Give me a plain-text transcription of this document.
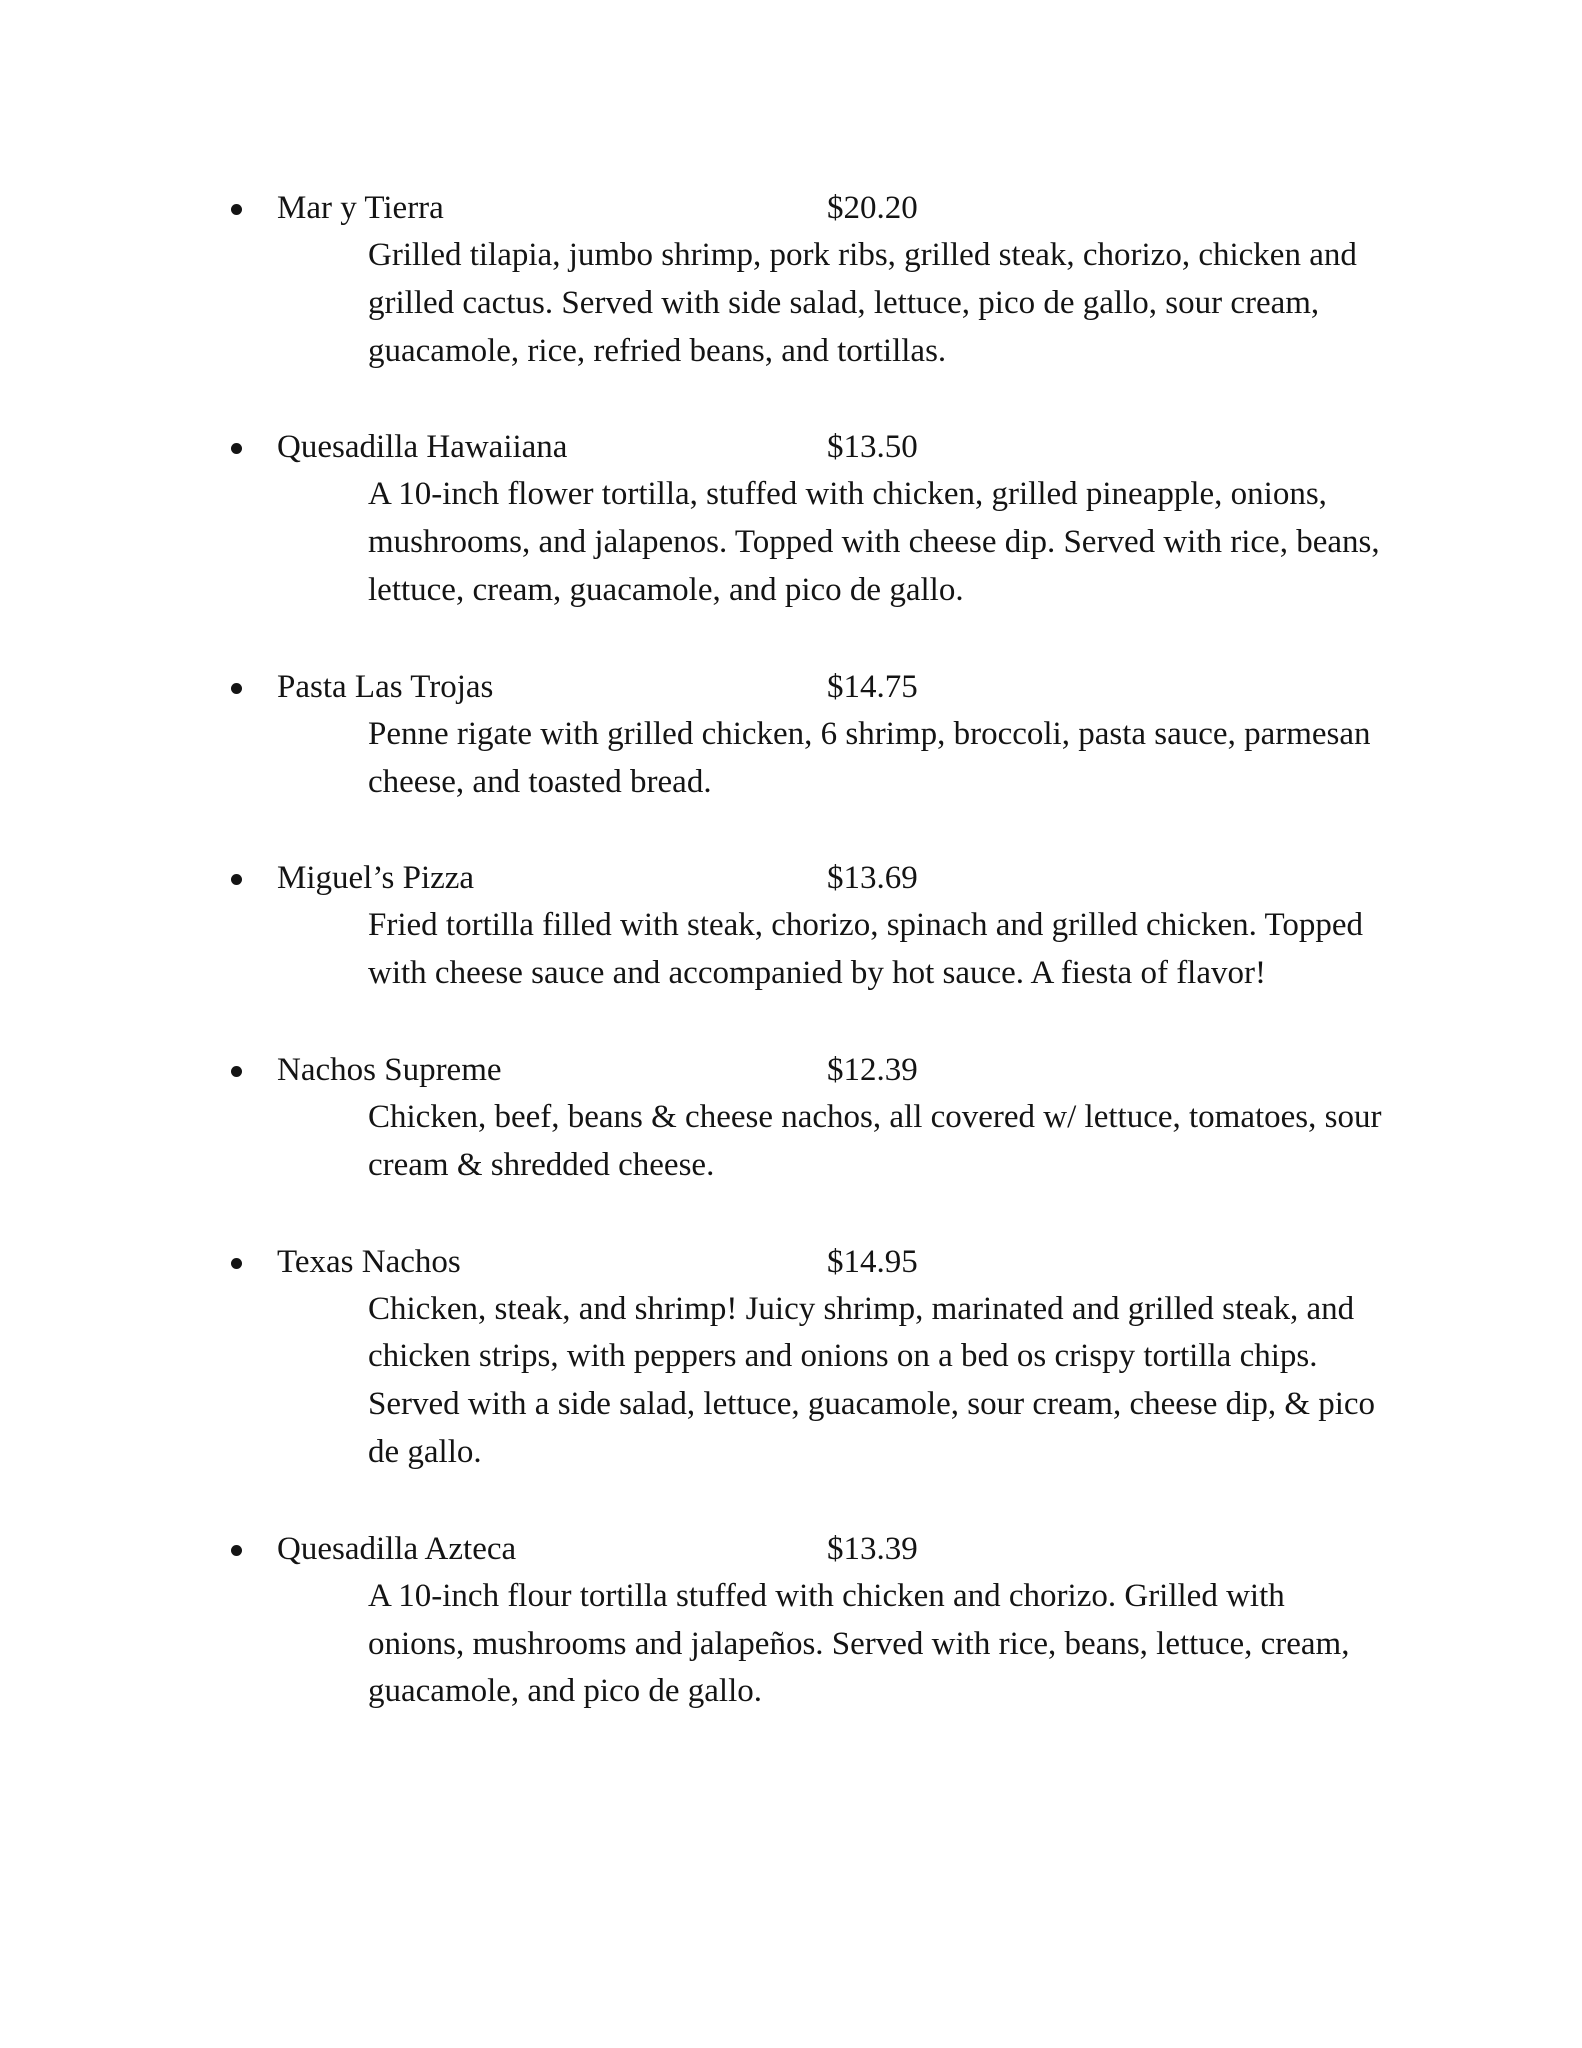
Mar y Tierra	$20.20

Grilled tilapia, jumbo shrimp, pork ribs, grilled steak, chorizo, chicken and grilled cactus. Served with side salad, lettuce, pico de gallo, sour cream, guacamole, rice, refried beans, and tortillas.

Quesadilla Hawaiiana	$13.50

A 10-inch flower tortilla, stuffed with chicken, grilled pineapple, onions, mushrooms, and jalapenos. Topped with cheese dip. Served with rice, beans, lettuce, cream, guacamole, and pico de gallo.

Pasta Las Trojas	$14.75

Penne rigate with grilled chicken, 6 shrimp, broccoli, pasta sauce, parmesan cheese, and toasted bread.

Miguel’s Pizza	$13.69

Fried tortilla filled with steak, chorizo, spinach and grilled chicken. Topped with cheese sauce and accompanied by hot sauce. A fiesta of flavor!

Nachos Supreme	$12.39

Chicken, beef, beans & cheese nachos, all covered w/ lettuce, tomatoes, sour cream & shredded cheese.

Texas Nachos	$14.95

Chicken, steak, and shrimp! Juicy shrimp, marinated and grilled steak, and chicken strips, with peppers and onions on a bed os crispy tortilla chips. Served with a side salad, lettuce, guacamole, sour cream, cheese dip, & pico de gallo.

Quesadilla Azteca	$13.39

A 10-inch flour tortilla stuffed with chicken and chorizo. Grilled with onions, mushrooms and jalapeños. Served with rice, beans, lettuce, cream, guacamole, and pico de gallo.
